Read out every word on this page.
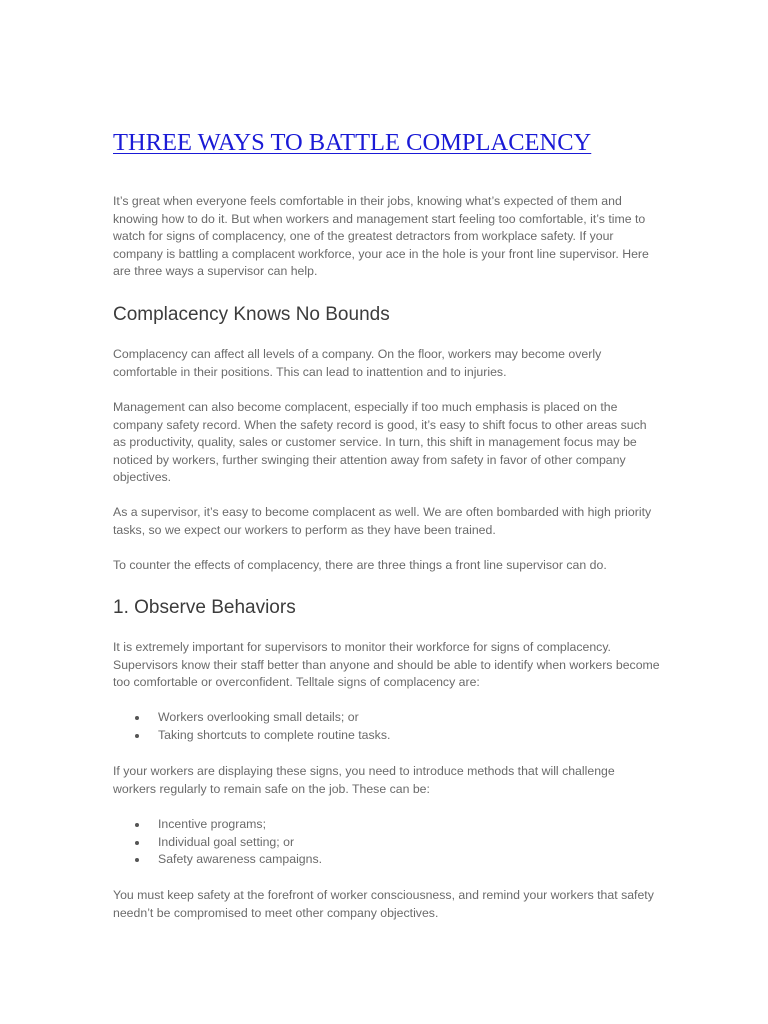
THREE WAYS TO BATTLE COMPLACENCY

It’s great when everyone feels comfortable in their jobs, knowing what’s expected of them and knowing how to do it. But when workers and management start feeling too comfortable, it’s time to watch for signs of complacency, one of the greatest detractors from workplace safety. If your company is battling a complacent workforce, your ace in the hole is your front line supervisor. Here are three ways a supervisor can help.

Complacency Knows No Bounds

Complacency can affect all levels of a company. On the floor, workers may become overly comfortable in their positions. This can lead to inattention and to injuries.

Management can also become complacent, especially if too much emphasis is placed on the company safety record. When the safety record is good, it’s easy to shift focus to other areas such as productivity, quality, sales or customer service. In turn, this shift in management focus may be noticed by workers, further swinging their attention away from safety in favor of other company objectives.

As a supervisor, it’s easy to become complacent as well. We are often bombarded with high priority tasks, so we expect our workers to perform as they have been trained.

To counter the effects of complacency, there are three things a front line supervisor can do.

1. Observe Behaviors

It is extremely important for supervisors to monitor their workforce for signs of complacency. Supervisors know their staff better than anyone and should be able to identify when workers become too comfortable or overconfident. Telltale signs of complacency are:

Workers overlooking small details; or
Taking shortcuts to complete routine tasks.

If your workers are displaying these signs, you need to introduce methods that will challenge workers regularly to remain safe on the job. These can be:

Incentive programs;
Individual goal setting; or
Safety awareness campaigns.

You must keep safety at the forefront of worker consciousness, and remind your workers that safety needn’t be compromised to meet other company objectives.
